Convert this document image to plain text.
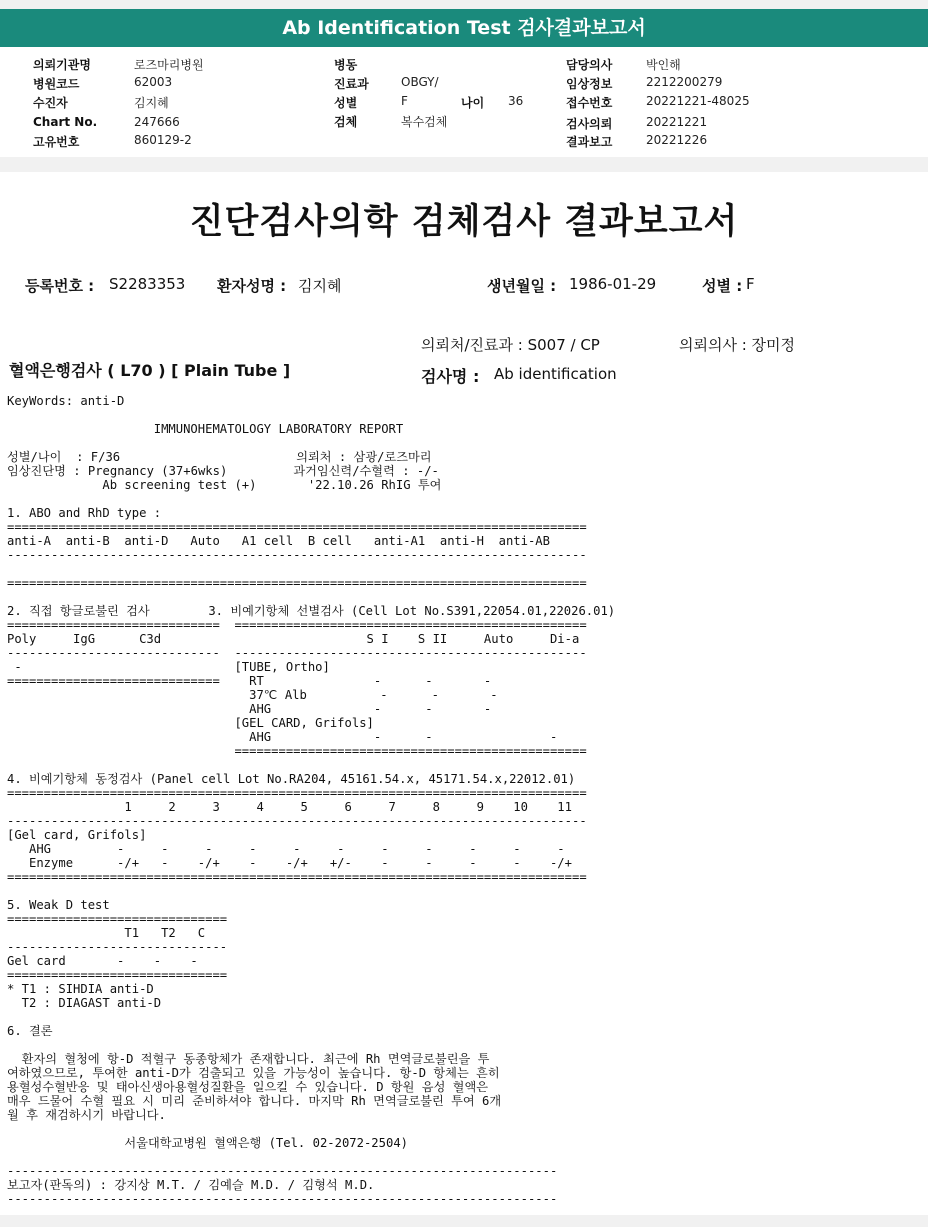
Ab Identification Test 검사결과보고서
의뢰기관명	로즈마리병원
병원코드	62003
수진자	김지혜
Chart No.	247666
고유번호	860129-2
병동
진료과	OBGY/
성별	F	나이 36
검체	복수검체
담당의사	박인해
임상정보	2212200279
접수번호	20221221-48025
검사의뢰	20221221
결과보고	20221226
진단검사의학 검체검사 결과보고서
등록번호 : S2283353 환자성명 : 김지혜	생년월일 : 1986-01-29	성별 : F
의뢰처/진료과 : S007 / CP	의뢰의사 : 장미정
혈액은행검사 ( L70 ) [ Plain Tube ]	검사명 : Ab identification
KeyWords: anti-D

IMMUNOHEMATOLOGY LABORATORY REPORT

성별/나이  : F/36                        의뢰처 : 삼광/로즈마리
임상진단명 : Pregnancy (37+6wks)         과거임신력/수혈력 : -/-
Ab screening test (+)       '22.10.26 RhIG 투여

1. ABO and RhD type :
===============================================================================
anti-A  anti-B  anti-D   Auto   A1 cell  B cell   anti-A1  anti-H  anti-AB
-------------------------------------------------------------------------------

===============================================================================

2. 직접 항글로불린 검사        3. 비예기항체 선별검사 (Cell Lot No.S391,22054.01,22026.01)
=============================  ================================================
Poly     IgG      C3d                            S I    S II     Auto     Di-a
-----------------------------  ------------------------------------------------
-                             [TUBE, Ortho]
=============================    RT               -      -       -
37℃ Alb          -      -       -
AHG              -      -       -
[GEL CARD, Grifols]
AHG              -      -                -
================================================

4. 비예기항체 동정검사 (Panel cell Lot No.RA204, 45161.54.x, 45171.54.x,22012.01)
===============================================================================
1     2     3     4     5     6     7     8     9    10    11
-------------------------------------------------------------------------------
[Gel card, Grifols]
AHG         -     -     -     -     -     -     -     -     -     -     -
Enzyme      -/+   -    -/+    -    -/+   +/-    -     -     -     -    -/+
===============================================================================

5. Weak D test
==============================
T1   T2   C
------------------------------
Gel card       -    -    -
==============================
* T1 : SIHDIA anti-D
T2 : DIAGAST anti-D

6. 결론

환자의 혈청에 항-D 적혈구 동종항체가 존재합니다. 최근에 Rh 면역글로불린을 투
여하였으므로, 투여한 anti-D가 검출되고 있을 가능성이 높습니다. 항-D 항체는 흔히
용혈성수혈반응 및 태아신생아용혈성질환을 일으킬 수 있습니다. D 항원 음성 혈액은
매우 드물어 수혈 필요 시 미리 준비하셔야 합니다. 마지막 Rh 면역글로불린 투여 6개
월 후 재검하시기 바랍니다.

서울대학교병원 혈액은행 (Tel. 02-2072-2504)

---------------------------------------------------------------------------
보고자(판독의) : 강지상 M.T. / 김예슬 M.D. / 김형석 M.D.
---------------------------------------------------------------------------
